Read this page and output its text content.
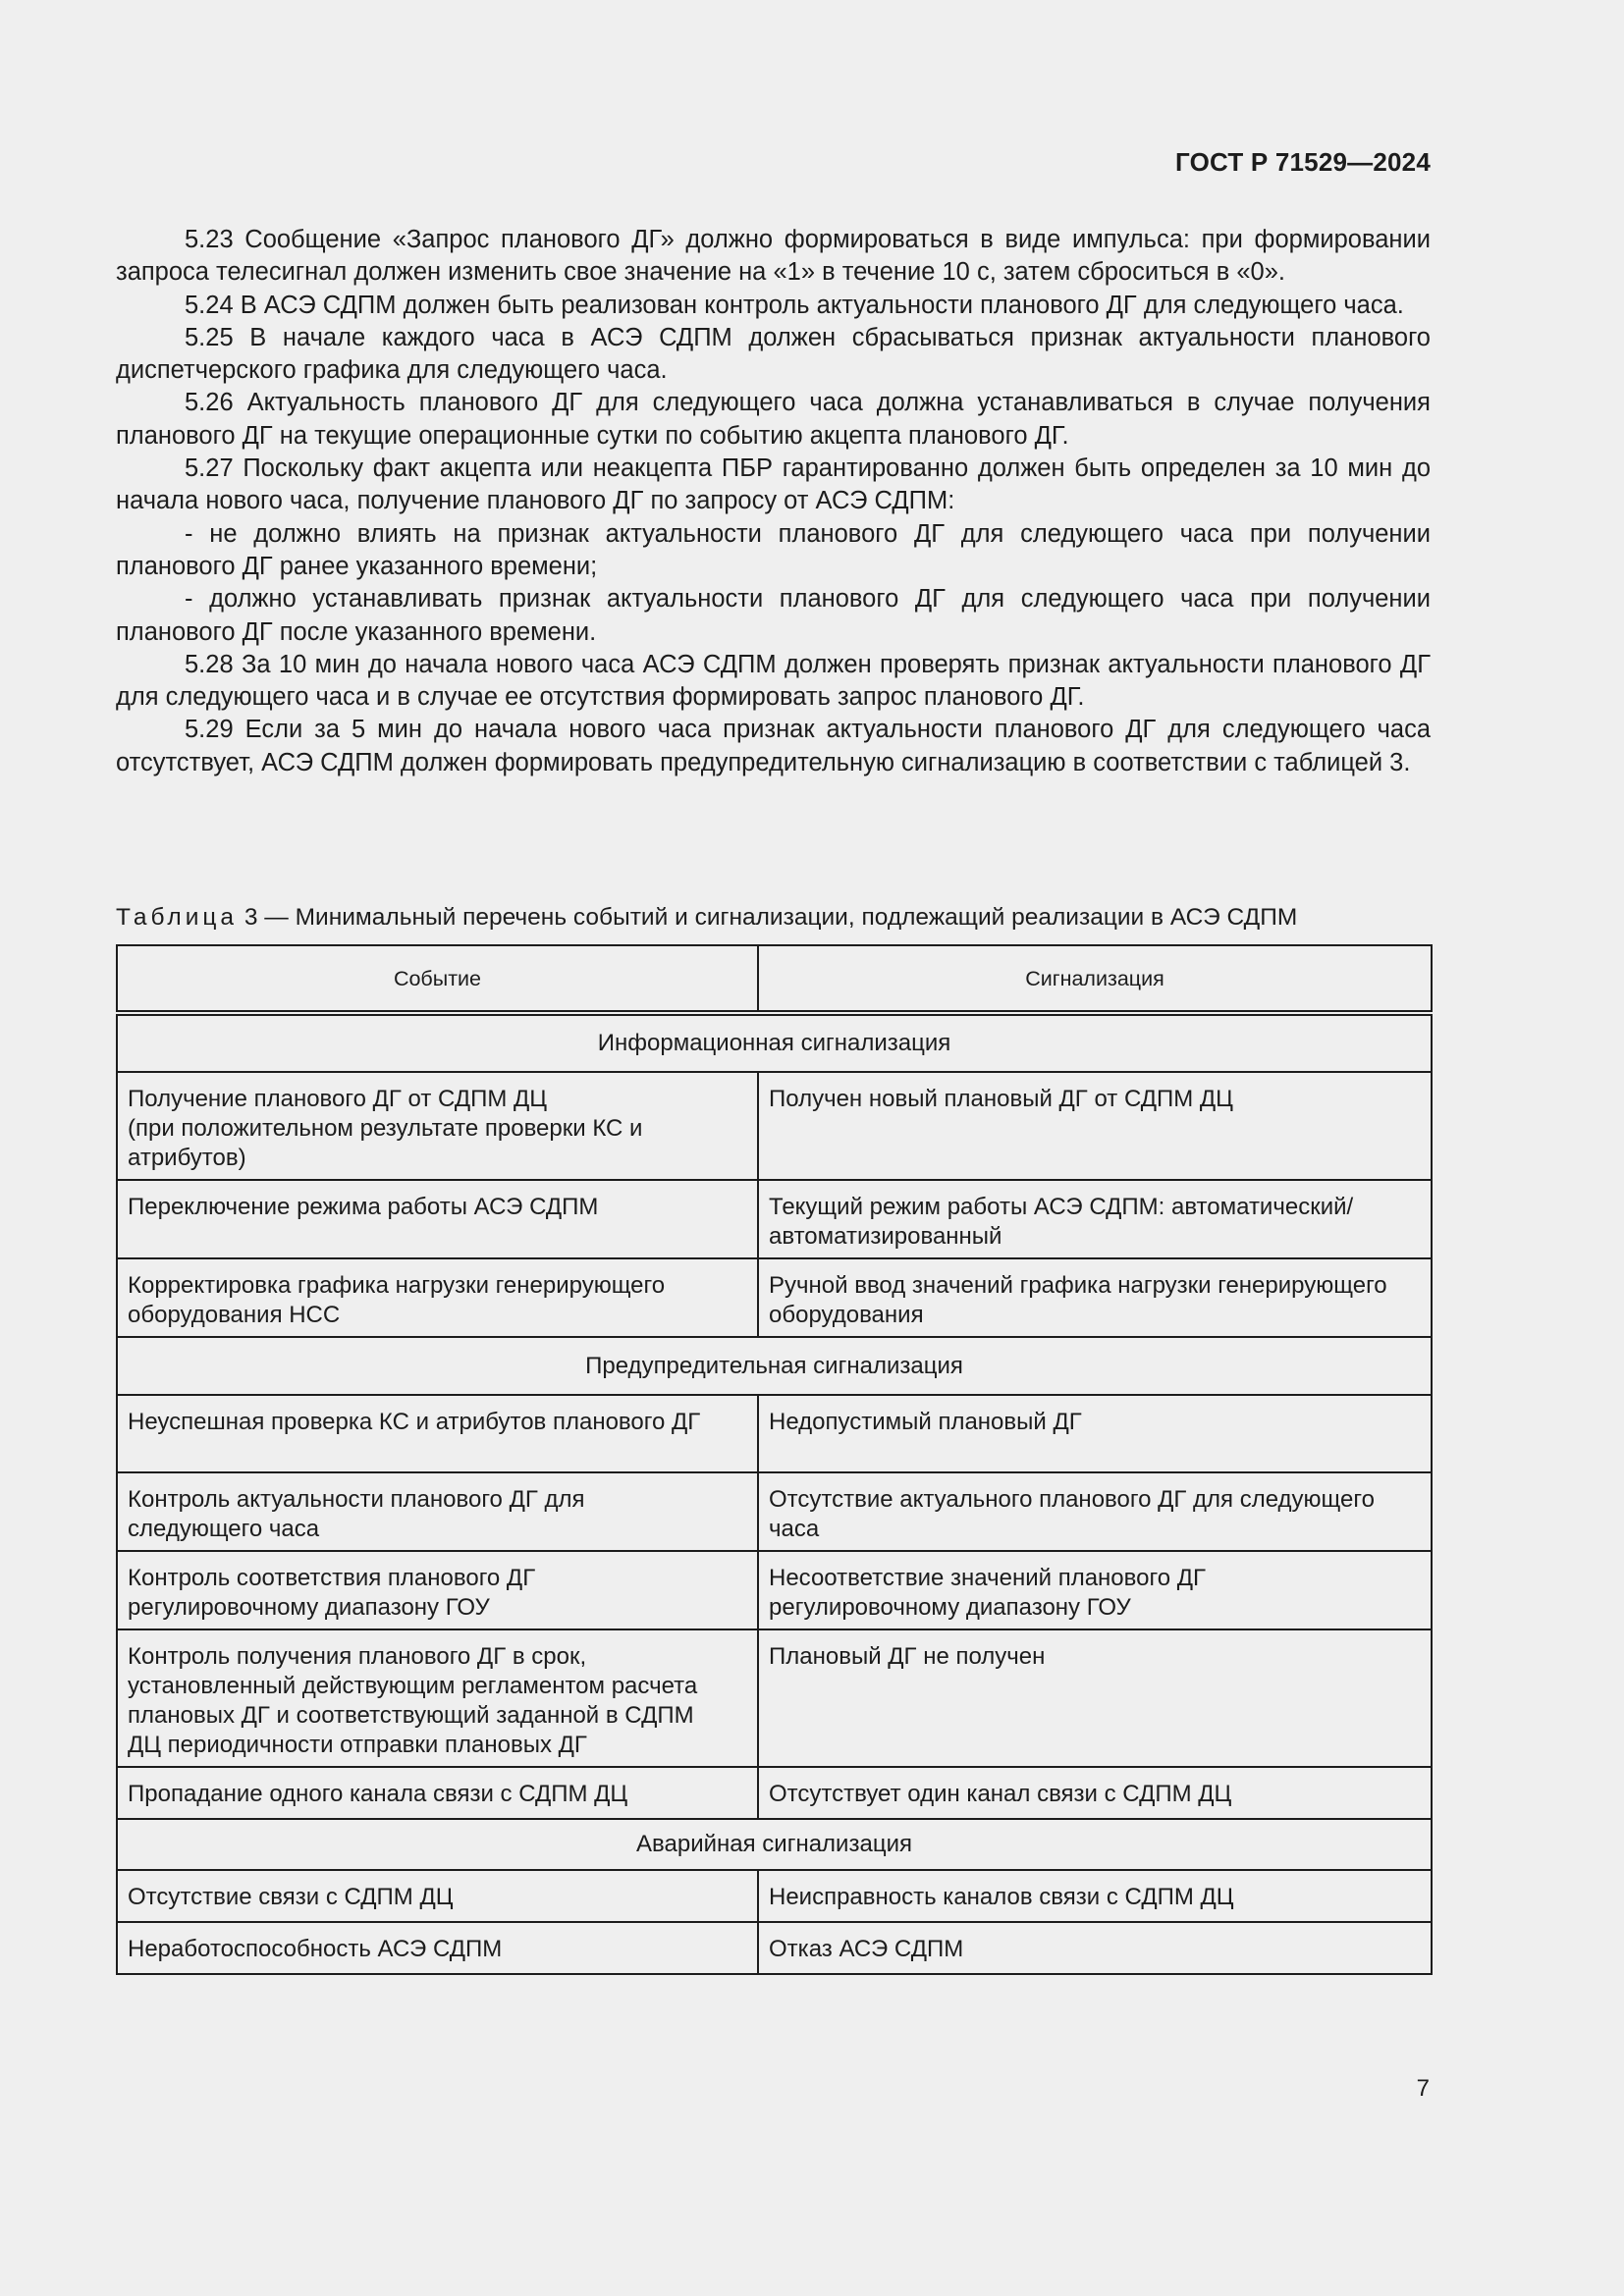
ГОСТ Р 71529—2024

5.23 Сообщение «Запрос планового ДГ» должно формироваться в виде импульса: при формировании запроса телесигнал должен изменить свое значение на «1» в течение 10 с, затем сброситься в «0».

5.24 В АСЭ СДПМ должен быть реализован контроль актуальности планового ДГ для следующего часа.

5.25 В начале каждого часа в АСЭ СДПМ должен сбрасываться признак актуальности планового диспетчерского графика для следующего часа.

5.26 Актуальность планового ДГ для следующего часа должна устанавливаться в случае получения планового ДГ на текущие операционные сутки по событию акцепта планового ДГ.

5.27 Поскольку факт акцепта или неакцепта ПБР гарантированно должен быть определен за 10 мин до начала нового часа, получение планового ДГ по запросу от АСЭ СДПМ:

- не должно влиять на признак актуальности планового ДГ для следующего часа при получении планового ДГ ранее указанного времени;

- должно устанавливать признак актуальности планового ДГ для следующего часа при получении планового ДГ после указанного времени.

5.28 За 10 мин до начала нового часа АСЭ СДПМ должен проверять признак актуальности планового ДГ для следующего часа и в случае ее отсутствия формировать запрос планового ДГ.

5.29 Если за 5 мин до начала нового часа признак актуальности планового ДГ для следующего часа отсутствует, АСЭ СДПМ должен формировать предупредительную сигнализацию в соответствии с таблицей 3.

Таблица 3 — Минимальный перечень событий и сигнализации, подлежащий реализации в АСЭ СДПМ
Событие	Сигнализация
Информационная сигнализация	

Получение планового ДГ от СДПМ ДЦ
(при положительном результате проверки КС и
атрибутов)	Получен новый плановый ДГ от СДПМ ДЦ

Переключение режима работы АСЭ СДПМ	Текущий режим работы АСЭ СДПМ: автоматический/
автоматизированный

Корректировка графика нагрузки генерирующего
оборудования НСС	Ручной ввод значений графика нагрузки генерирующего
оборудования

Предупредительная сигнализация	

Неуспешная проверка КС и атрибутов планового ДГ	Недопустимый плановый ДГ

Контроль актуальности планового ДГ для
следующего часа	Отсутствие актуального планового ДГ для следующего
часа

Контроль соответствия планового ДГ
регулировочному диапазону ГОУ	Несоответствие значений планового ДГ
регулировочному диапазону ГОУ

Контроль получения планового ДГ в срок,
установленный действующим регламентом расчета
плановых ДГ и соответствующий заданной в СДПМ
ДЦ периодичности отправки плановых ДГ	Плановый ДГ не получен

Пропадание одного канала связи с СДПМ ДЦ	Отсутствует один канал связи с СДПМ ДЦ

Аварийная сигнализация	

Отсутствие связи с СДПМ ДЦ	Неисправность каналов связи с СДПМ ДЦ

Неработоспособность АСЭ СДПМ	Отказ АСЭ СДПМ
7
